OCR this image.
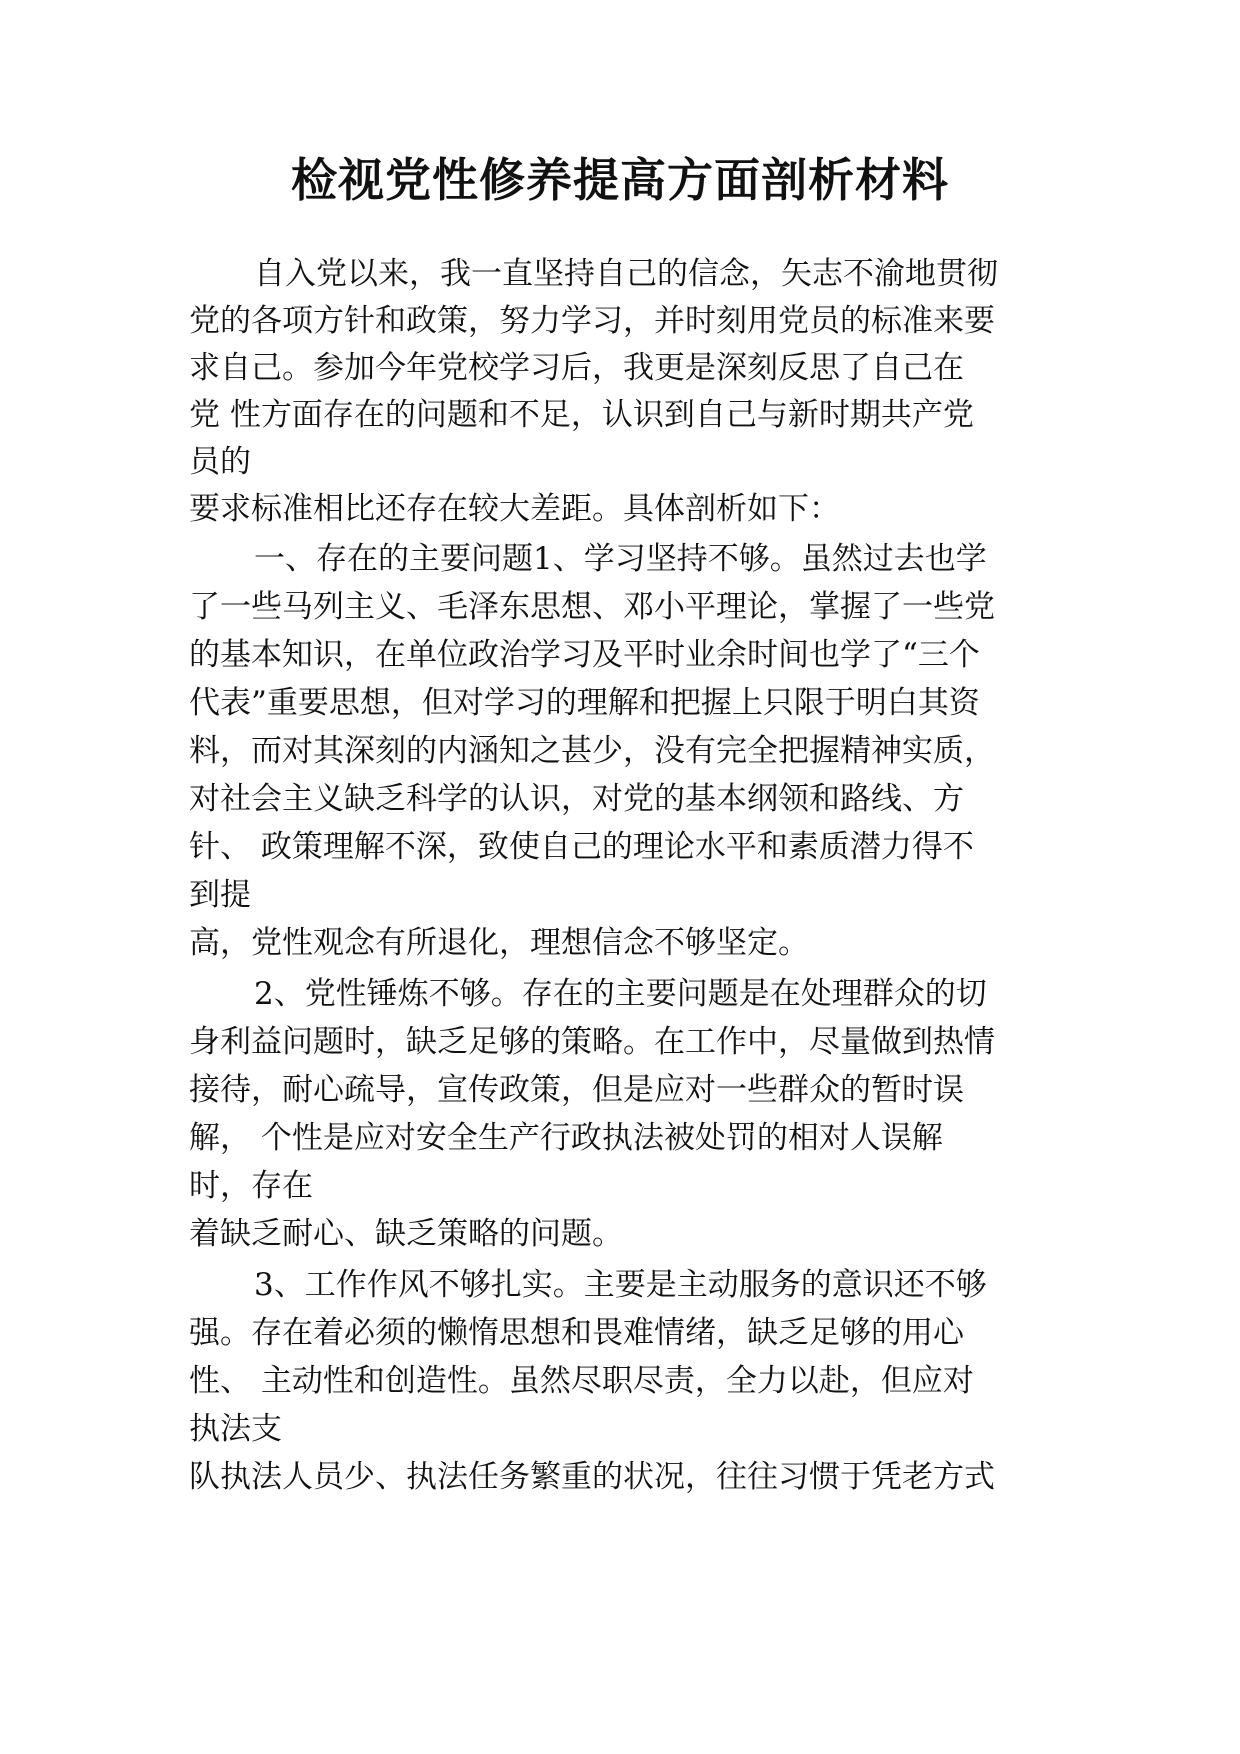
检视党性修养提高方面剖析材料
自入党以来，我一直坚持自己的信念，矢志不渝地贯彻
党的各项方针和政策，努力学习，并时刻用党员的标准来要
求自己。参加今年党校学习后，我更是深刻反思了自己在
党 性方面存在的问题和不足，认识到自己与新时期共产党
员的
要求标准相比还存在较大差距。具体剖析如下：
一、存在的主要问题1、学习坚持不够。虽然过去也学
了一些马列主义、毛泽东思想、邓小平理论，掌握了一些党
的基本知识，在单位政治学习及平时业余时间也学了“三个
代表”重要思想，但对学习的理解和把握上只限于明白其资
料，而对其深刻的内涵知之甚少，没有完全把握精神实质，
对社会主义缺乏科学的认识，对党的基本纲领和路线、方
针、 政策理解不深，致使自己的理论水平和素质潜力得不
到提
高，党性观念有所退化，理想信念不够坚定。
2、党性锤炼不够。存在的主要问题是在处理群众的切
身利益问题时，缺乏足够的策略。在工作中，尽量做到热情
接待，耐心疏导，宣传政策，但是应对一些群众的暂时误
解， 个性是应对安全生产行政执法被处罚的相对人误解
时，存在
着缺乏耐心、缺乏策略的问题。
3、工作作风不够扎实。主要是主动服务的意识还不够
强。存在着必须的懒惰思想和畏难情绪，缺乏足够的用心
性、 主动性和创造性。虽然尽职尽责，全力以赴，但应对
执法支
队执法人员少、执法任务繁重的状况，往往习惯于凭老方式
